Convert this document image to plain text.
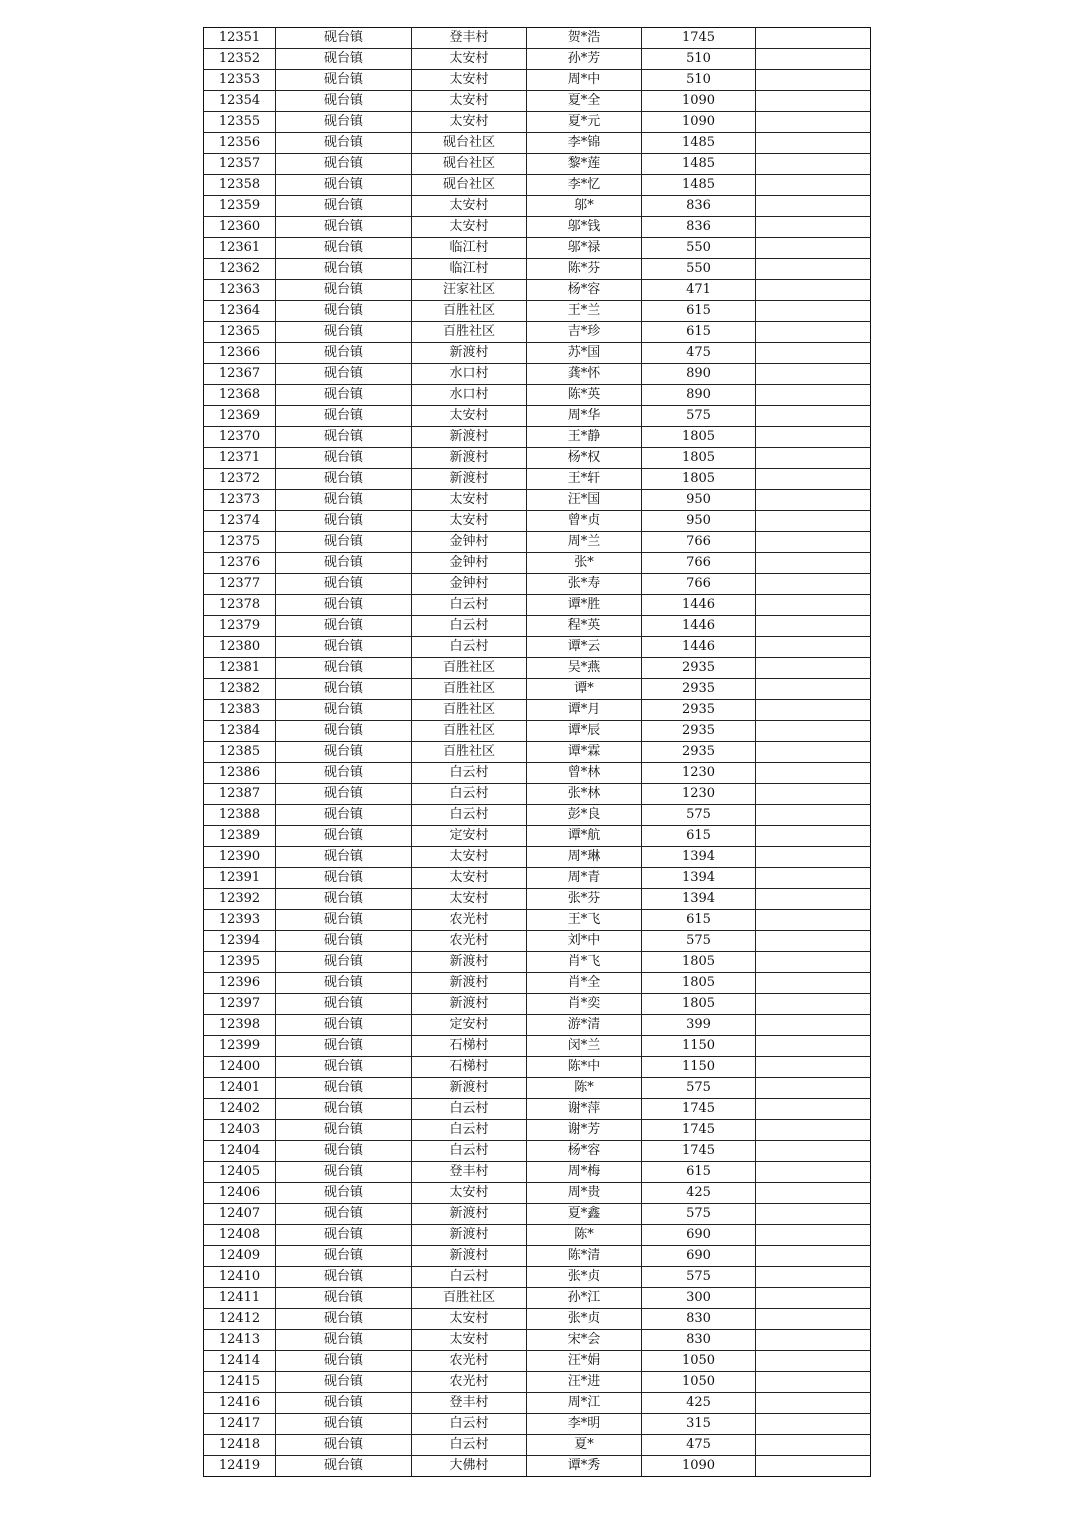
12351	砚台镇	登丰村	贺*浩	1745	
12352	砚台镇	太安村	孙*芳	510	
12353	砚台镇	太安村	周*中	510	
12354	砚台镇	太安村	夏*全	1090	
12355	砚台镇	太安村	夏*元	1090	
12356	砚台镇	砚台社区	李*锦	1485	
12357	砚台镇	砚台社区	黎*莲	1485	
12358	砚台镇	砚台社区	李*忆	1485	
12359	砚台镇	太安村	邬*	836	
12360	砚台镇	太安村	邬*钱	836	
12361	砚台镇	临江村	邬*禄	550	
12362	砚台镇	临江村	陈*芬	550	
12363	砚台镇	汪家社区	杨*容	471	
12364	砚台镇	百胜社区	王*兰	615	
12365	砚台镇	百胜社区	吉*珍	615	
12366	砚台镇	新渡村	苏*国	475	
12367	砚台镇	水口村	龚*怀	890	
12368	砚台镇	水口村	陈*英	890	
12369	砚台镇	太安村	周*华	575	
12370	砚台镇	新渡村	王*静	1805	
12371	砚台镇	新渡村	杨*权	1805	
12372	砚台镇	新渡村	王*轩	1805	
12373	砚台镇	太安村	汪*国	950	
12374	砚台镇	太安村	曾*贞	950	
12375	砚台镇	金钟村	周*兰	766	
12376	砚台镇	金钟村	张*	766	
12377	砚台镇	金钟村	张*寿	766	
12378	砚台镇	白云村	谭*胜	1446	
12379	砚台镇	白云村	程*英	1446	
12380	砚台镇	白云村	谭*云	1446	
12381	砚台镇	百胜社区	吴*燕	2935	
12382	砚台镇	百胜社区	谭*	2935	
12383	砚台镇	百胜社区	谭*月	2935	
12384	砚台镇	百胜社区	谭*辰	2935	
12385	砚台镇	百胜社区	谭*霖	2935	
12386	砚台镇	白云村	曾*林	1230	
12387	砚台镇	白云村	张*林	1230	
12388	砚台镇	白云村	彭*良	575	
12389	砚台镇	定安村	谭*航	615	
12390	砚台镇	太安村	周*琳	1394	
12391	砚台镇	太安村	周*青	1394	
12392	砚台镇	太安村	张*芬	1394	
12393	砚台镇	农光村	王*飞	615	
12394	砚台镇	农光村	刘*中	575	
12395	砚台镇	新渡村	肖*飞	1805	
12396	砚台镇	新渡村	肖*全	1805	
12397	砚台镇	新渡村	肖*奕	1805	
12398	砚台镇	定安村	游*清	399	
12399	砚台镇	石梯村	闵*兰	1150	
12400	砚台镇	石梯村	陈*中	1150	
12401	砚台镇	新渡村	陈*	575	
12402	砚台镇	白云村	谢*萍	1745	
12403	砚台镇	白云村	谢*芳	1745	
12404	砚台镇	白云村	杨*容	1745	
12405	砚台镇	登丰村	周*梅	615	
12406	砚台镇	太安村	周*贵	425	
12407	砚台镇	新渡村	夏*鑫	575	
12408	砚台镇	新渡村	陈*	690	
12409	砚台镇	新渡村	陈*清	690	
12410	砚台镇	白云村	张*贞	575	
12411	砚台镇	百胜社区	孙*江	300	
12412	砚台镇	太安村	张*贞	830	
12413	砚台镇	太安村	宋*会	830	
12414	砚台镇	农光村	汪*娟	1050	
12415	砚台镇	农光村	汪*进	1050	
12416	砚台镇	登丰村	周*江	425	
12417	砚台镇	白云村	李*明	315	
12418	砚台镇	白云村	夏*	475	
12419	砚台镇	大佛村	谭*秀	1090	
